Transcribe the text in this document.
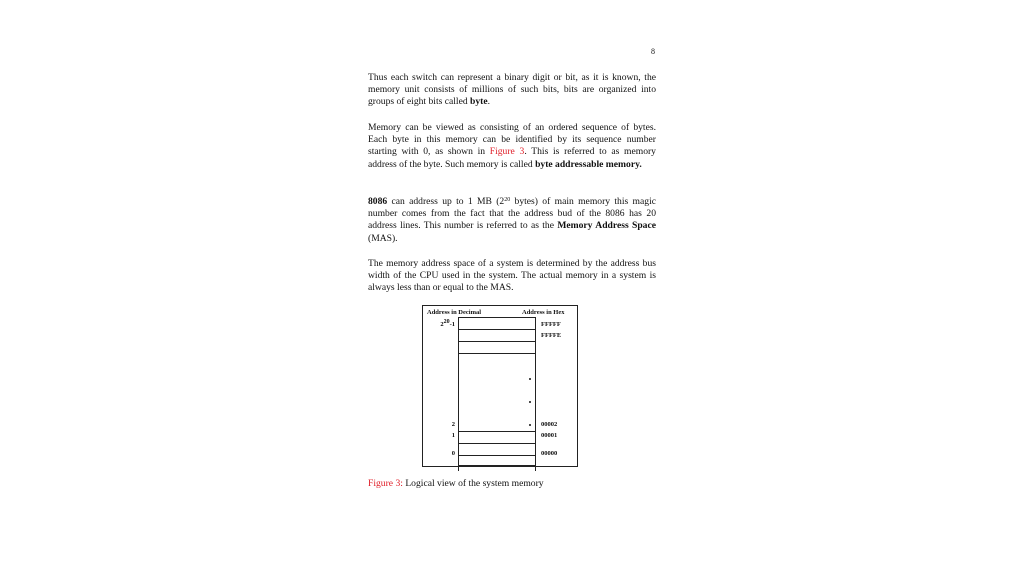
8
Thus each switch can represent a binary digit or bit, as it is known, the memory unit consists of millions of such bits, bits are organized into groups of eight bits called byte.
Memory can be viewed as consisting of an ordered sequence of bytes. Each byte in this memory can be identified by its sequence number starting with 0, as shown in Figure 3. This is referred to as memory address of the byte. Such memory is called byte addressable memory.
8086 can address up to 1 MB ($2^{20}$ bytes) of main memory this magic number comes from the fact that the address bud of the 8086 has 20 address lines. This number is referred to as the Memory Address Space (MAS).
The memory address space of a system is determined by the address bus width of the CPU used in the system. The actual memory in a system is always less than or equal to the MAS.
Address in Decimal	Address in Hex
$2^{20}-1$	FFFFF
FFFFE
2
1
0
00002
00001
00000
Figure 3: Logical view of the system memory
